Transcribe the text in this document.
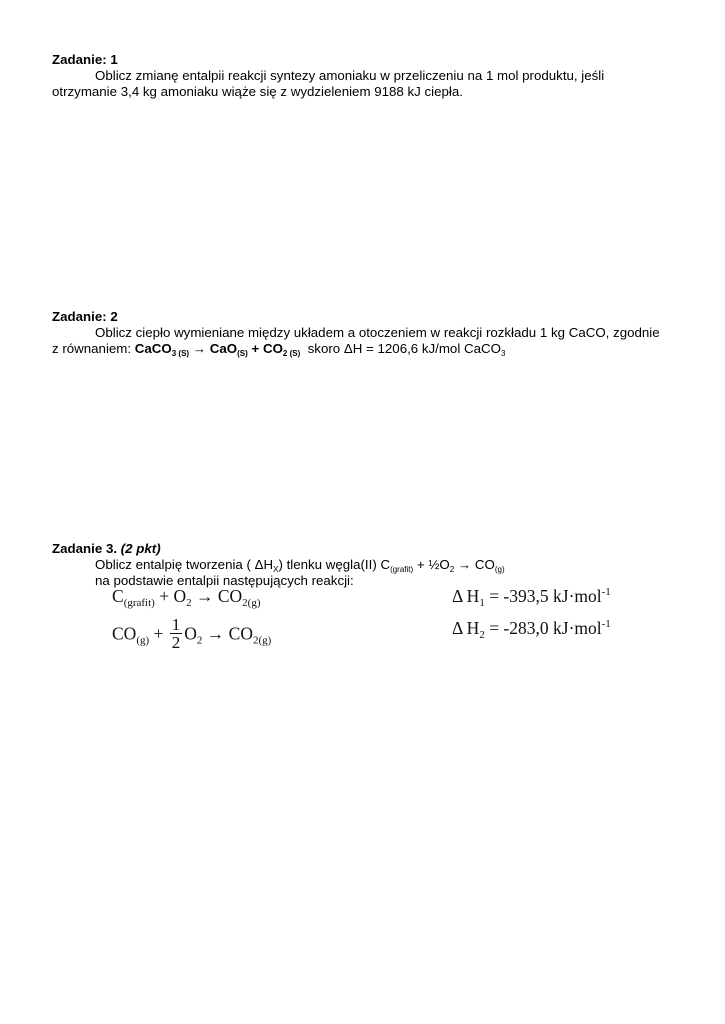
Zadanie: 1
Oblicz zmianę entalpii reakcji syntezy amoniaku w przeliczeniu na 1 mol produktu, jeśli
otrzymanie 3,4 kg amoniaku wiąże się z wydzieleniem 9188 kJ ciepła.
Zadanie: 2
Oblicz ciepło wymieniane między układem a otoczeniem w reakcji rozkładu 1 kg CaCO, zgodnie
z równaniem: CaCO$_{3 (S)}$ → $CaO_{(S)} + CO_{2 (S)}$ skoro ΔH = 1206,6 kJ/mol CaCO$_3$
Zadanie 3. (2 pkt)
Oblicz entalpię tworzenia ( $\Delta H_X$) tlenku węgla(II) $C_{(grafit)}$ + $\frac{1}{2}O_2 \to CO_{(g)}$
na podstawie entalpii następujących reakcji:
$C_{(grafit)} + O_2 \to CO_{2(g)}$	Δ $H_1 = -393,5$ kJ·mol$^{-1}$
$CO_{(g)} + \frac{1}{2} O_2 \to CO_{2(g)}$
Δ $H_2 = -283,0$ kJ·mol$^{-1}$
